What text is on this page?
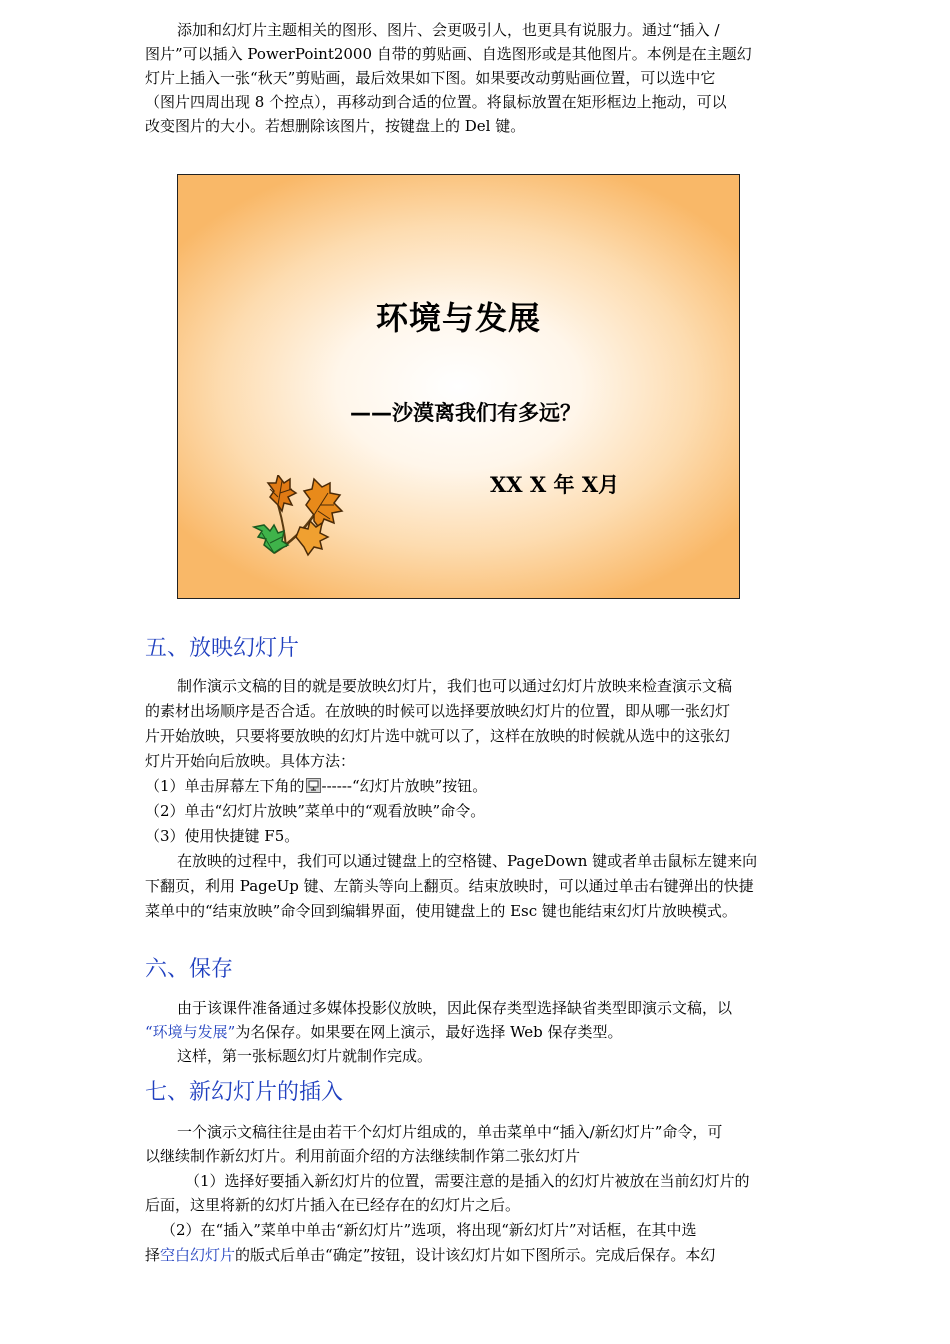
添加和幻灯片主题相关的图形、图片、会更吸引人，也更具有说服力。通过“插入 /

图片”可以插入 PowerPoint2000 自带的剪贴画、自选图形或是其他图片。本例是在主题幻

灯片上插入一张“秋天”剪贴画，最后效果如下图。如果要改动剪贴画位置，可以选中它

（图片四周出现 8 个控点），再移动到合适的位置。将鼠标放置在矩形框边上拖动，可以

改变图片的大小。若想删除该图片，按键盘上的 Del 键。

环境与发展
——沙漠离我们有多远？
XX X 年 X月
五、放映幻灯片

制作演示文稿的目的就是要放映幻灯片，我们也可以通过幻灯片放映来检查演示文稿

的素材出场顺序是否合适。在放映的时候可以选择要放映幻灯片的位置，即从哪一张幻灯

片开始放映，只要将要放映的幻灯片选中就可以了，这样在放映的时候就从选中的这张幻

灯片开始向后放映。具体方法：

（1）单击屏幕左下角的 ------“幻灯片放映”按钮。

（2）单击“幻灯片放映”菜单中的“观看放映”命令。

（3）使用快捷键 F5。

在放映的过程中，我们可以通过键盘上的空格键、PageDown 键或者单击鼠标左键来向

下翻页，利用 PageUp 键、左箭头等向上翻页。结束放映时，可以通过单击右键弹出的快捷

菜单中的“结束放映”命令回到编辑界面，使用键盘上的 Esc 键也能结束幻灯片放映模式。

六、保存

由于该课件准备通过多媒体投影仪放映，因此保存类型选择缺省类型即演示文稿，以

“环境与发展”为名保存。如果要在网上演示，最好选择 Web 保存类型。

这样，第一张标题幻灯片就制作完成。

七、新幻灯片的插入

一个演示文稿往往是由若干个幻灯片组成的，单击菜单中“插入/新幻灯片”命令，可

以继续制作新幻灯片。利用前面介绍的方法继续制作第二张幻灯片

（1）选择好要插入新幻灯片的位置，需要注意的是插入的幻灯片被放在当前幻灯片的

后面，这里将新的幻灯片插入在已经存在的幻灯片之后。

（2）在“插入”菜单中单击“新幻灯片”选项，将出现“新幻灯片”对话框，在其中选

择空白幻灯片的版式后单击“确定”按钮，设计该幻灯片如下图所示。完成后保存。本幻
